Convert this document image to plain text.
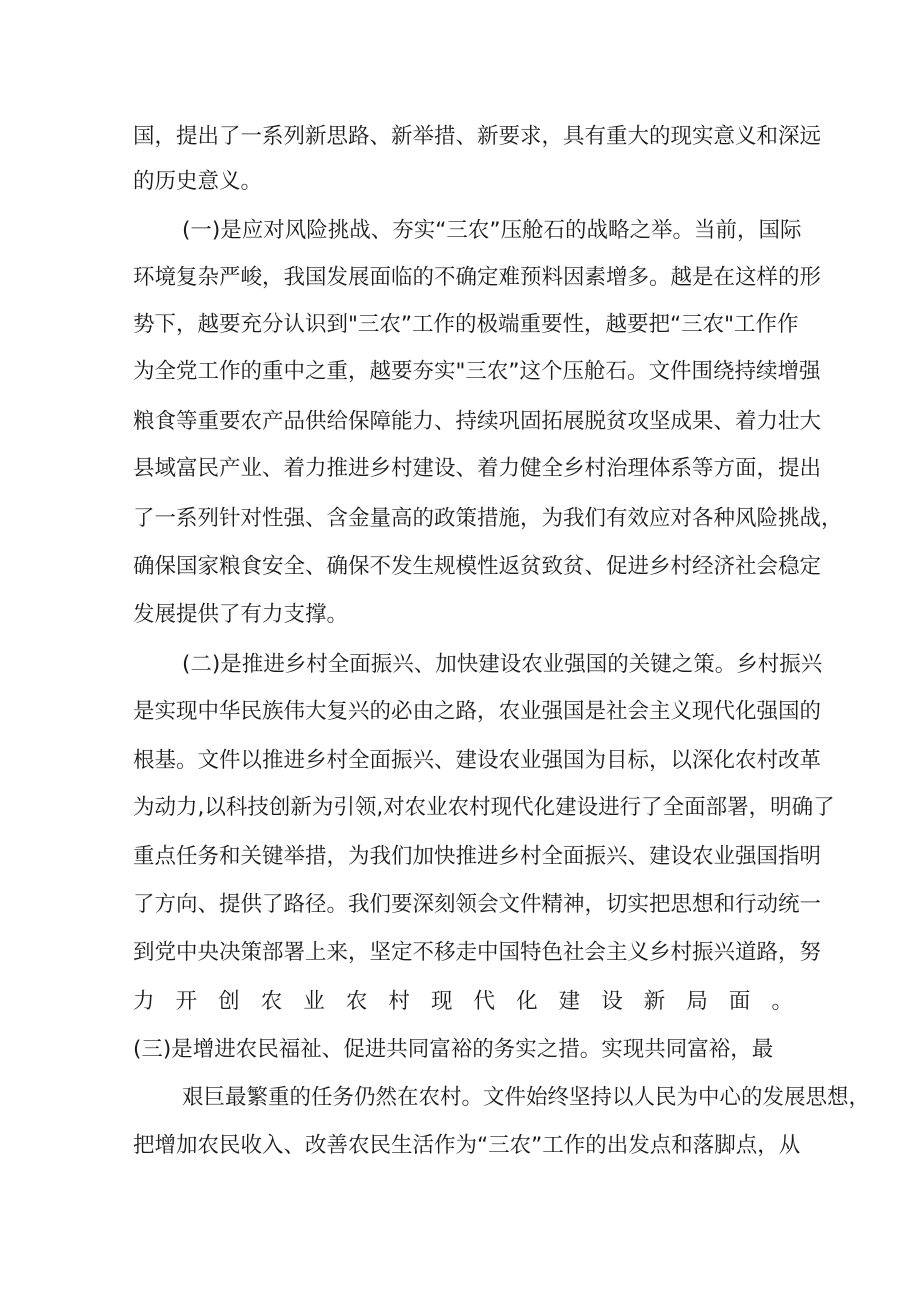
国，提出了一系列新思路、新举措、新要求，具有重大的现实意义和深远
的历史意义。
(一)是应对风险挑战、夯实“三农”压舱石的战略之举。当前，国际
环境复杂严峻，我国发展面临的不确定难预料因素增多。越是在这样的形
势下，越要充分认识到"三农”工作的极端重要性，越要把“三农"工作作
为全党工作的重中之重，越要夯实"三农”这个压舱石。文件围绕持续增强
粮食等重要农产品供给保障能力、持续巩固拓展脱贫攻坚成果、着力壮大
县域富民产业、着力推进乡村建设、着力健全乡村治理体系等方面，提出
了一系列针对性强、含金量高的政策措施，为我们有效应对各种风险挑战，
确保国家粮食安全、确保不发生规模性返贫致贫、促进乡村经济社会稳定
发展提供了有力支撑。
(二)是推进乡村全面振兴、加快建设农业强国的关键之策。乡村振兴
是实现中华民族伟大复兴的必由之路，农业强国是社会主义现代化强国的
根基。文件以推进乡村全面振兴、建设农业强国为目标，以深化农村改革
为动力,以科技创新为引领,对农业农村现代化建设进行了全面部署，明确了
重点任务和关键举措，为我们加快推进乡村全面振兴、建设农业强国指明
了方向、提供了路径。我们要深刻领会文件精神，切实把思想和行动统一
到党中央决策部署上来，坚定不移走中国特色社会主义乡村振兴道路，努
力开创农业农村现代化建设新局面。
(三)是增进农民福祉、促进共同富裕的务实之措。实现共同富裕，最
艰巨最繁重的任务仍然在农村。文件始终坚持以人民为中心的发展思想，
把增加农民收入、改善农民生活作为“三农”工作的出发点和落脚点，从
